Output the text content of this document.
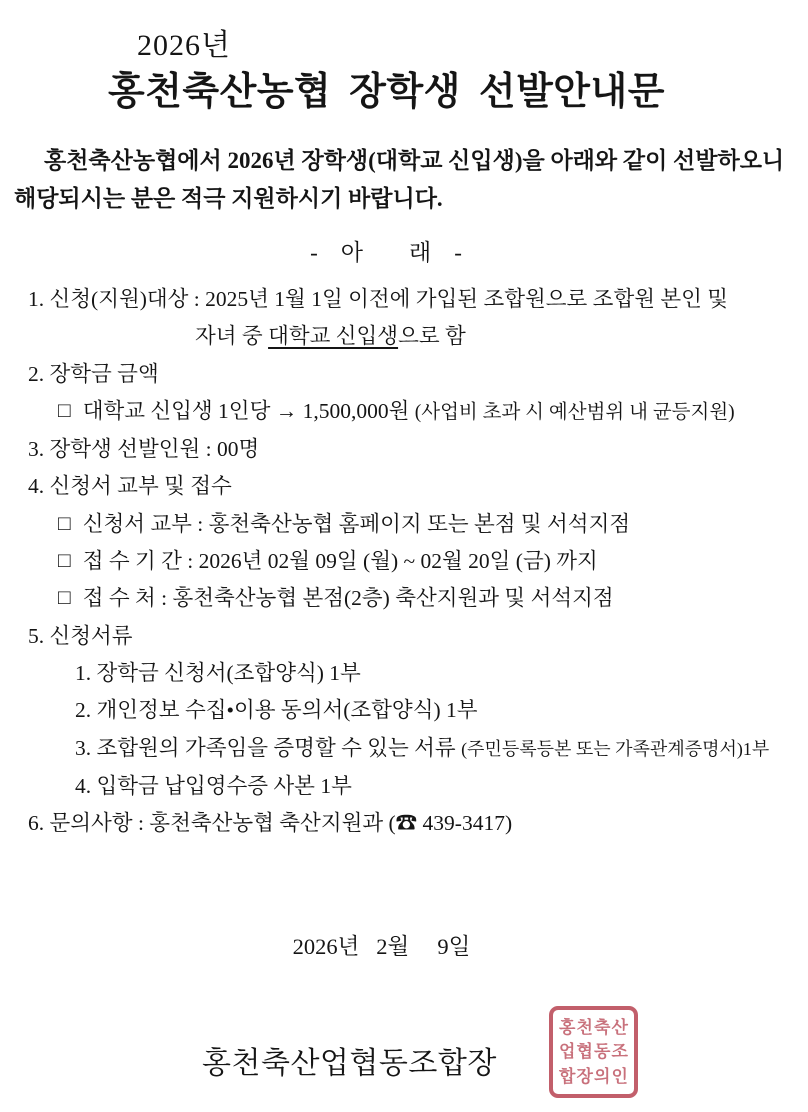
2026년
홍천축산농협 장학생 선발안내문
홍천축산농협에서 2026년 장학생(대학교 신입생)을 아래와 같이 선발하오니 해당되시는 분은 적극 지원하시기 바랍니다.
-    아        래    -
1. 신청(지원)대상 : 2025년 1월 1일 이전에 가입된 조합원으로 조합원 본인 및
자녀 중 대학교 신입생으로 함
2. 장학금 금액
□ 대학교 신입생 1인당 → 1,500,000원 (사업비 초과 시 예산범위 내 균등지원)
3. 장학생 선발인원 : 00명
4. 신청서 교부 및 접수
□ 신청서 교부 : 홍천축산농협 홈페이지 또는 본점 및 서석지점
□ 접 수 기 간 : 2026년 02월 09일 (월) ~ 02월 20일 (금) 까지
□ 접 수 처 : 홍천축산농협 본점(2층) 축산지원과 및 서석지점
5. 신청서류
1. 장학금 신청서(조합양식) 1부
2. 개인정보 수집•이용 동의서(조합양식) 1부
3. 조합원의 가족임을 증명할 수 있는 서류 (주민등록등본 또는 가족관계증명서)1부
4. 입학금 납입영수증 사본 1부
6. 문의사항 : 홍천축산농협 축산지원과 (☎ 439-3417)
2026년   2월     9일
홍천축산업협동조합장
홍 천 축 산
업 협 동 조
합 장 의 인
